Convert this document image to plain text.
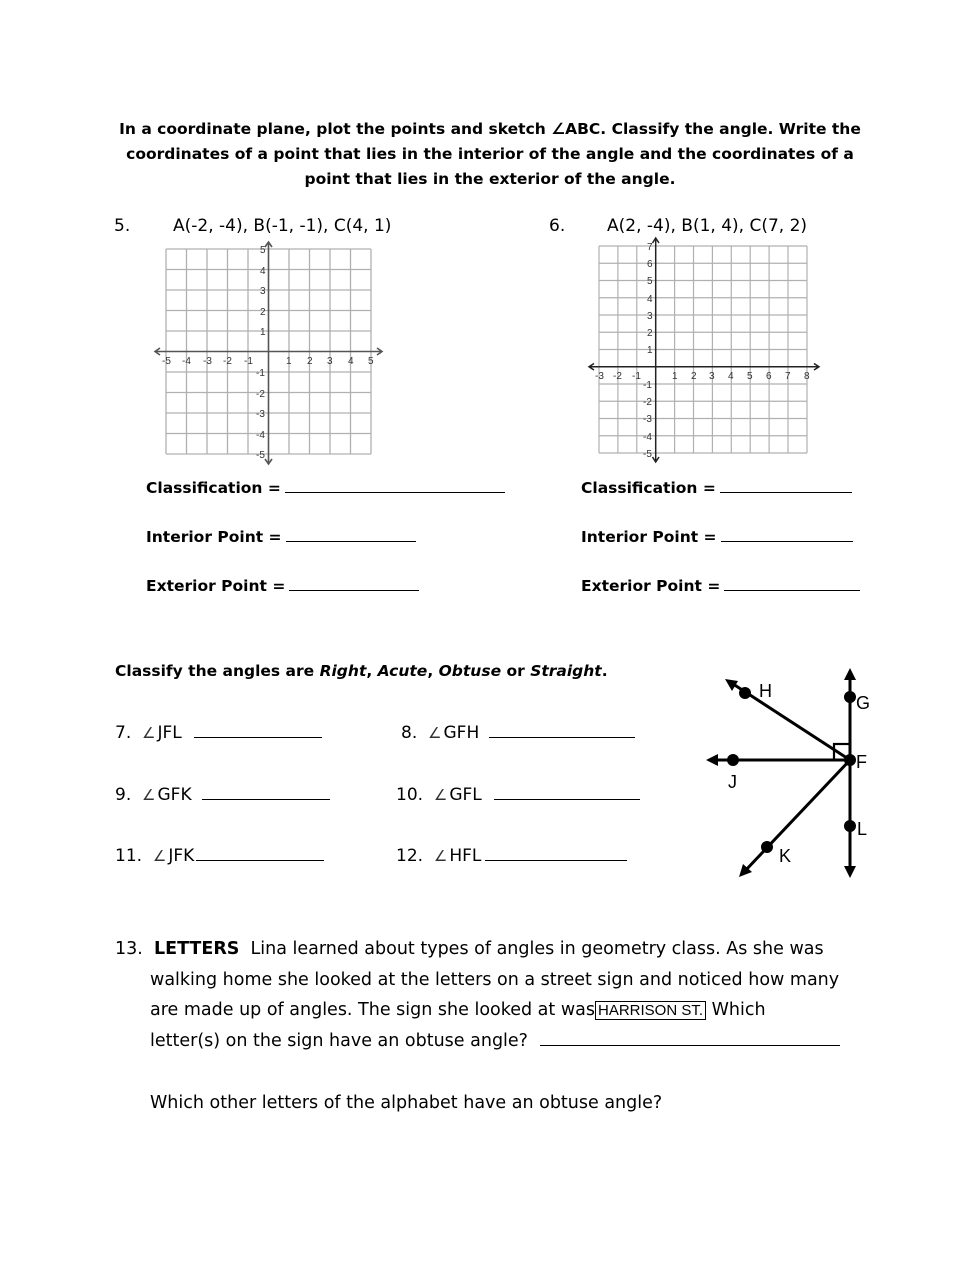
In a coordinate plane, plot the points and sketch ∠ABC. Classify the angle. Write the coordinates of a point that lies in the interior of the angle and the coordinates of a point that lies in the exterior of the angle.
5.	A(-2, -4), B(-1, -1), C(4, 1)
-5 -4 -3 -2 -1	1 2 3 4 5
5
4
3
2
1
-1
-2
-3
-4
-5
6. A(2, -4), B(1, 4), C(7, 2)
-3 -2 -1	1 2 3 4 5 6 7 8
7
6
5
4
3
2
1
-1
-2
-3
-4
-5
Classification =
Interior Point =
Exterior Point =
Classification =
Interior Point =
Exterior Point =
Classify the angles are Right, Acute, Obtuse or Straight.
7. ∠ JFL	8. ∠ GFH
9. ∠ GFK	10. ∠ GFL
11. ∠ JFK	12. ∠ HFL
H
G
F
J
L
K
13. LETTERS Lina learned about types of angles in geometry class. As she was
walking home she looked at the letters on a street sign and noticed how many
are made up of angles. The sign she looked at was HARRISON ST. Which
letter(s) on the sign have an obtuse angle?
Which other letters of the alphabet have an obtuse angle?
